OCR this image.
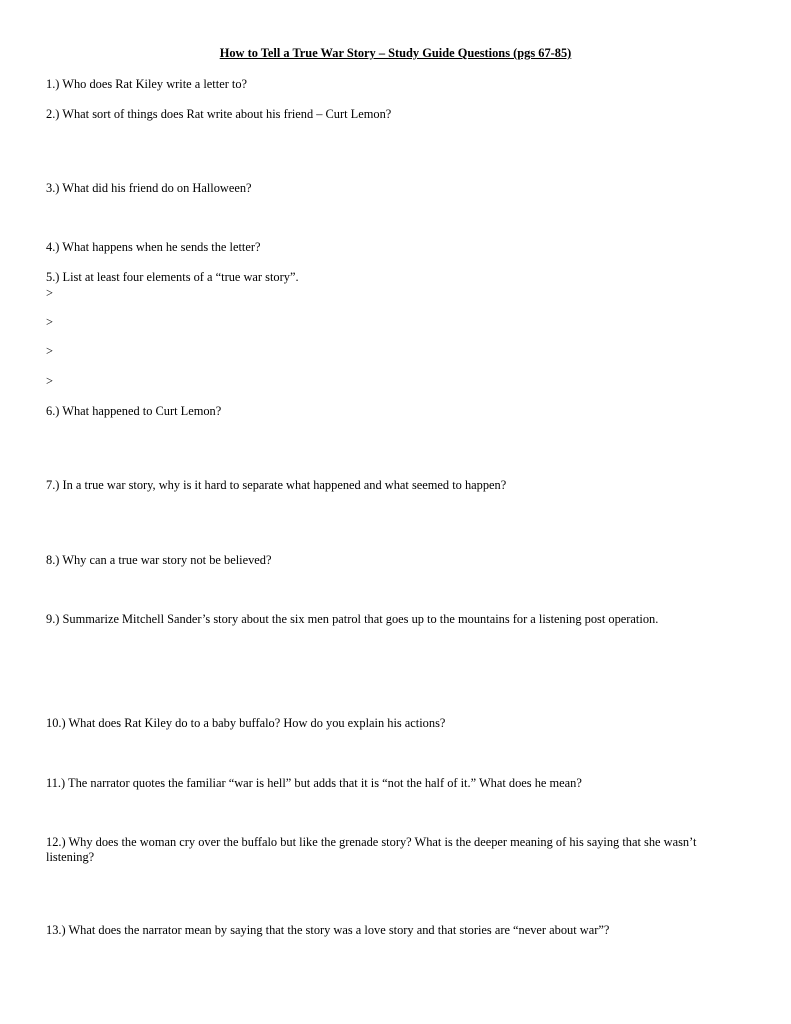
How to Tell a True War Story – Study Guide Questions (pgs 67-85)
1.) Who does Rat Kiley write a letter to?
2.) What sort of things does Rat write about his friend – Curt Lemon?
3.) What did his friend do on Halloween?
4.) What happens when he sends the letter?
5.) List at least four elements of a “true war story”.
>
>
>
>
6.) What happened to Curt Lemon?
7.) In a true war story, why is it hard to separate what happened and what seemed to happen?
8.) Why can a true war story not be believed?
9.) Summarize Mitchell Sander’s story about the six men patrol that goes up to the mountains for a listening post operation.
10.) What does Rat Kiley do to a baby buffalo? How do you explain his actions?
11.) The narrator quotes the familiar “war is hell” but adds that it is “not the half of it.” What does he mean?
12.) Why does the woman cry over the buffalo but like the grenade story? What is the deeper meaning of his saying that she wasn’t listening?
13.) What does the narrator mean by saying that the story was a love story and that stories are “never about war”?
